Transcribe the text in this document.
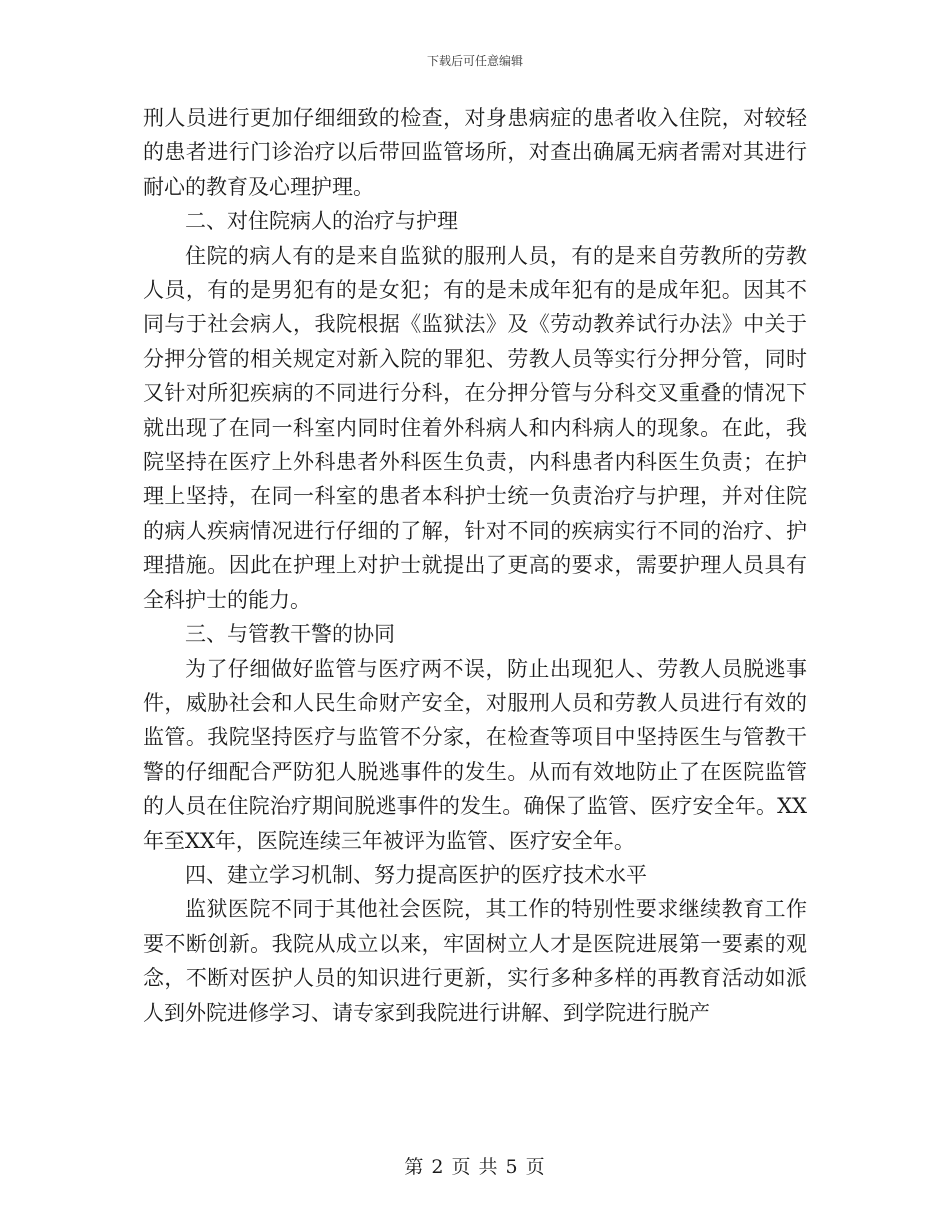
下载后可任意编辑

刑人员进行更加仔细细致的检查，对身患病症的患者收入住院，对较轻的患者进行门诊治疗以后带回监管场所，对查出确属无病者需对其进行耐心的教育及心理护理。

二、对住院病人的治疗与护理

住院的病人有的是来自监狱的服刑人员，有的是来自劳教所的劳教人员，有的是男犯有的是女犯；有的是未成年犯有的是成年犯。因其不同与于社会病人，我院根据《监狱法》及《劳动教养试行办法》中关于分押分管的相关规定对新入院的罪犯、劳教人员等实行分押分管，同时又针对所犯疾病的不同进行分科，在分押分管与分科交叉重叠的情况下就出现了在同一科室内同时住着外科病人和内科病人的现象。在此，我院坚持在医疗上外科患者外科医生负责，内科患者内科医生负责；在护理上坚持，在同一科室的患者本科护士统一负责治疗与护理，并对住院的病人疾病情况进行仔细的了解，针对不同的疾病实行不同的治疗、护理措施。因此在护理上对护士就提出了更高的要求，需要护理人员具有全科护士的能力。

三、与管教干警的协同

为了仔细做好监管与医疗两不误，防止出现犯人、劳教人员脱逃事件，威胁社会和人民生命财产安全，对服刑人员和劳教人员进行有效的监管。我院坚持医疗与监管不分家，在检查等项目中坚持医生与管教干警的仔细配合严防犯人脱逃事件的发生。从而有效地防止了在医院监管的人员在住院治疗期间脱逃事件的发生。确保了监管、医疗安全年。XX年至XX年，医院连续三年被评为监管、医疗安全年。

四、建立学习机制、努力提高医护的医疗技术水平

监狱医院不同于其他社会医院，其工作的特别性要求继续教育工作要不断创新。我院从成立以来，牢固树立人才是医院进展第一要素的观念，不断对医护人员的知识进行更新，实行多种多样的再教育活动如派人到外院进修学习、请专家到我院进行讲解、到学院进行脱产

第 2 页 共 5 页
